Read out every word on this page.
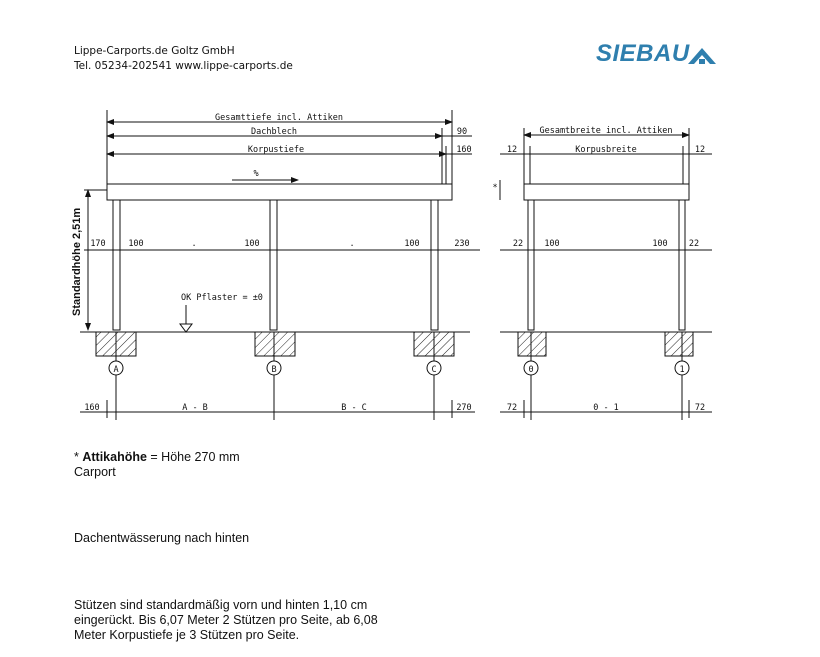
Lippe-Carports.de Goltz GmbH
Tel. 05234-202541 www.lippe-carports.de	SIEBAU
Gesamttiefe incl. Attiken
Dachblech	90
Korpustiefe	160
%
Standardhöhe 2,51m 170	230
100	100	100
.	.
OK Pflaster = ±0
A	B	C
160	A - B	B - C	270
Gesamtbreite incl. Attiken
Korpusbreite
12	12
*
22	22
100	100
0	1
72	0 - 1	72
* Attikahöhe = Höhe 270 mm
Carport
Dachentwässerung nach hinten
Stützen sind standardmäßig vorn und hinten 1,10 cm
eingerückt. Bis 6,07 Meter 2 Stützen pro Seite, ab 6,08
Meter Korpustiefe je 3 Stützen pro Seite.
